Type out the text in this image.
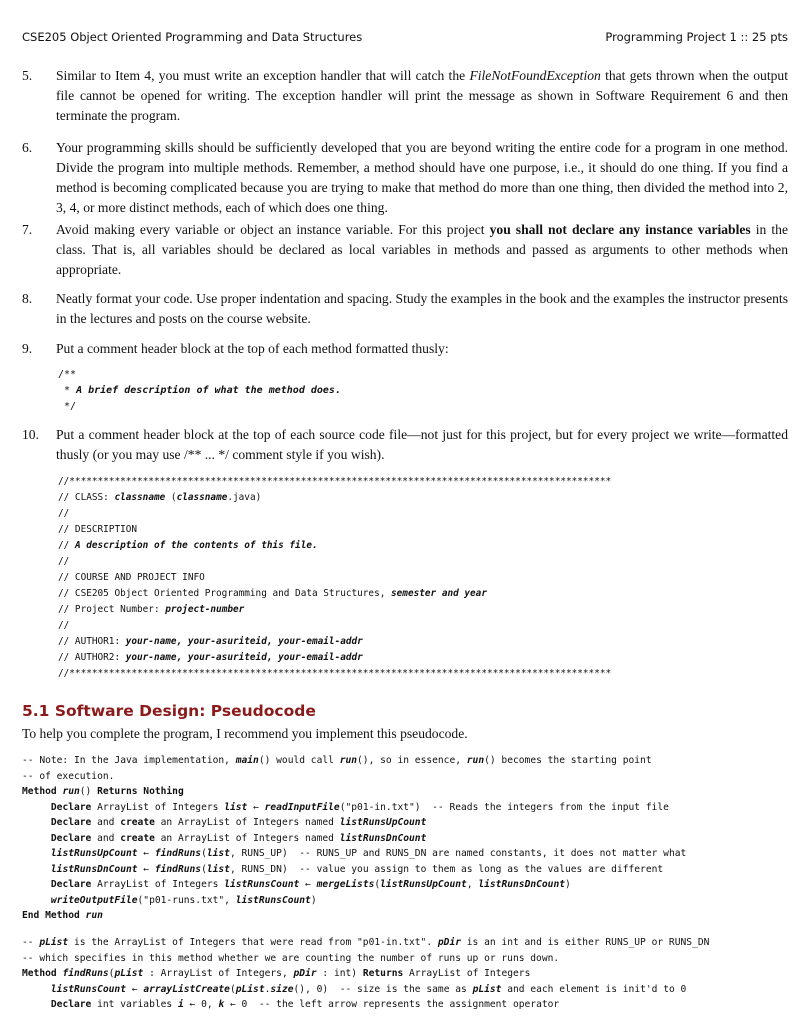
CSE205 Object Oriented Programming and Data Structures	Programming Project 1 :: 25 pts
5. Similar to Item 4, you must write an exception handler that will catch the FileNotFoundException that gets thrown when the output file cannot be opened for writing. The exception handler will print the message as shown in Software Requirement 6 and then terminate the program.
6. Your programming skills should be sufficiently developed that you are beyond writing the entire code for a program in one method. Divide the program into multiple methods. Remember, a method should have one purpose, i.e., it should do one thing. If you find a method is becoming complicated because you are trying to make that method do more than one thing, then divided the method into 2, 3, 4, or more distinct methods, each of which does one thing.
7. Avoid making every variable or object an instance variable. For this project you shall not declare any instance variables in the class. That is, all variables should be declared as local variables in methods and passed as arguments to other methods when appropriate.
8. Neatly format your code. Use proper indentation and spacing. Study the examples in the book and the examples the instructor presents in the lectures and posts on the course website.
9. Put a comment header block at the top of each method formatted thusly:
/**
* A brief description of what the method does.
*/
10. Put a comment header block at the top of each source code file—not just for this project, but for every project we write—formatted thusly (or you may use /** ... */ comment style if you wish).
//************************************************************************************************
// CLASS: classname (classname.java)
//
// DESCRIPTION
// A description of the contents of this file.
//
// COURSE AND PROJECT INFO
// CSE205 Object Oriented Programming and Data Structures, semester and year
// Project Number: project-number
//
// AUTHOR1: your-name, your-asuriteid, your-email-addr
// AUTHOR2: your-name, your-asuriteid, your-email-addr
//************************************************************************************************
5.1 Software Design: Pseudocode
To help you complete the program, I recommend you implement this pseudocode.
-- Note: In the Java implementation, main() would call run(), so in essence, run() becomes the starting point
-- of execution.
Method run() Returns Nothing
Declare ArrayList of Integers list ← readInputFile("p01-in.txt")  -- Reads the integers from the input file
Declare and create an ArrayList of Integers named listRunsUpCount
Declare and create an ArrayList of Integers named listRunsDnCount
listRunsUpCount ← findRuns(list, RUNS_UP)  -- RUNS_UP and RUNS_DN are named constants, it does not matter what
listRunsDnCount ← findRuns(list, RUNS_DN)  -- value you assign to them as long as the values are different
Declare ArrayList of Integers listRunsCount ← mergeLists(listRunsUpCount, listRunsDnCount)
writeOutputFile("p01-runs.txt", listRunsCount)
End Method run
-- pList is the ArrayList of Integers that were read from "p01-in.txt". pDir is an int and is either RUNS_UP or RUNS_DN
-- which specifies in this method whether we are counting the number of runs up or runs down.
Method findRuns(pList : ArrayList of Integers, pDir : int) Returns ArrayList of Integers
listRunsCount ← arrayListCreate(pList.size(), 0)  -- size is the same as pList and each element is init'd to 0
Declare int variables i ← 0, k ← 0  -- the left arrow represents the assignment operator
